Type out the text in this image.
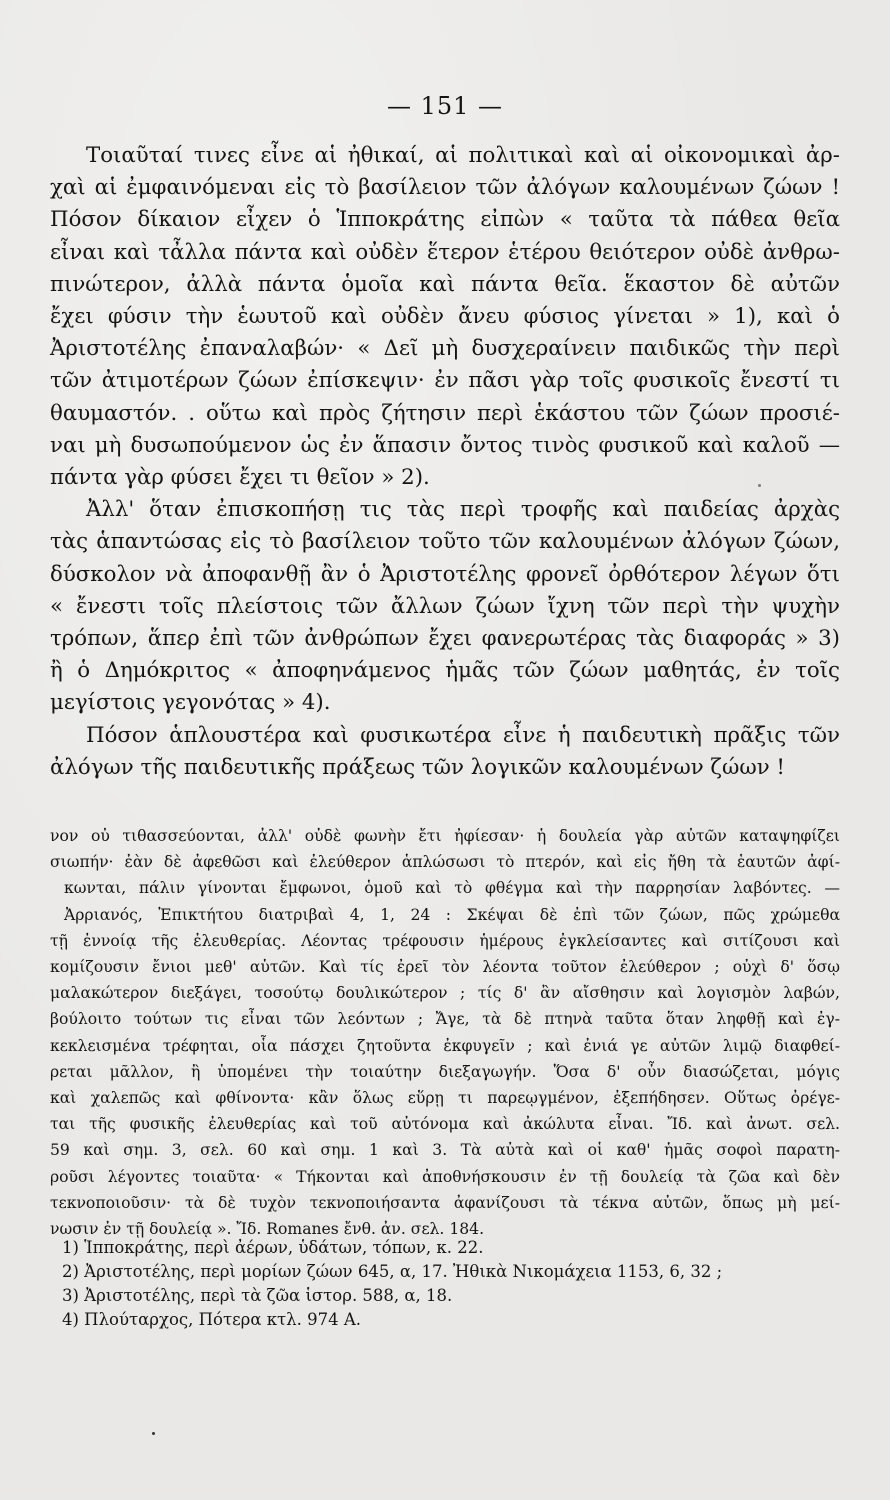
— 151 —
Τοιαῦταί τινες εἶνε αἱ ἠθικαί, αἱ πολιτικαὶ καὶ αἱ οἰκονομικαὶ ἀρ-
χαὶ αἱ ἐμφαινόμεναι εἰς τὸ βασίλειον τῶν ἀλόγων καλουμένων ζώων !
Πόσον δίκαιον εἶχεν ὁ Ἱπποκράτης εἰπὼν « ταῦτα τὰ πάθεα θεῖα
εἶναι καὶ τἆλλα πάντα καὶ οὐδὲν ἕτερον ἑτέρου θειότερον οὐδὲ ἀνθρω-
πινώτερον, ἀλλὰ πάντα ὁμοῖα καὶ πάντα θεῖα. ἕκαστον δὲ αὐτῶν
ἔχει φύσιν τὴν ἑωυτοῦ καὶ οὐδὲν ἄνευ φύσιος γίνεται » 1), καὶ ὁ
Ἀριστοτέλης ἐπαναλαβών· « Δεῖ μὴ δυσχεραίνειν παιδικῶς τὴν περὶ
τῶν ἀτιμοτέρων ζώων ἐπίσκεψιν· ἐν πᾶσι γὰρ τοῖς φυσικοῖς ἔνεστί τι
θαυμαστόν. . οὕτω καὶ πρὸς ζήτησιν περὶ ἑκάστου τῶν ζώων προσιέ-
ναι μὴ δυσωπούμενον ὡς ἐν ἅπασιν ὄντος τινὸς φυσικοῦ καὶ καλοῦ —
πάντα γὰρ φύσει ἔχει τι θεῖον » 2).
Ἀλλ' ὅταν ἐπισκοπήσῃ τις τὰς περὶ τροφῆς καὶ παιδείας ἀρχὰς
τὰς ἁπαντώσας εἰς τὸ βασίλειον τοῦτο τῶν καλουμένων ἀλόγων ζώων,
δύσκολον νὰ ἀποφανθῇ ἂν ὁ Ἀριστοτέλης φρονεῖ ὀρθότερον λέγων ὅτι
« ἔνεστι τοῖς πλείστοις τῶν ἄλλων ζώων ἴχνη τῶν περὶ τὴν ψυχὴν
τρόπων, ἅπερ ἐπὶ τῶν ἀνθρώπων ἔχει φανερωτέρας τὰς διαφοράς » 3)
ἢ ὁ Δημόκριτος « ἀποφηνάμενος ἡμᾶς τῶν ζώων μαθητάς, ἐν τοῖς
μεγίστοις γεγονότας » 4).
Πόσον ἁπλουστέρα καὶ φυσικωτέρα εἶνε ἡ παιδευτικὴ πρᾶξις τῶν
ἀλόγων τῆς παιδευτικῆς πράξεως τῶν λογικῶν καλουμένων ζώων !
νον οὐ τιθασσεύονται, ἀλλ' οὐδὲ φωνὴν ἔτι ἠφίεσαν· ἡ δουλεία γὰρ αὐτῶν καταψηφίζει
σιωπήν· ἐὰν δὲ ἀφεθῶσι καὶ ἐλεύθερον ἁπλώσωσι τὸ πτερόν, καὶ εἰς ἤθη τὰ ἑαυτῶν ἀφί-
κωνται, πάλιν γίνονται ἔμφωνοι, ὁμοῦ καὶ τὸ φθέγμα καὶ τὴν παρρησίαν λαβόντες. —
Ἀρριανός, Ἐπικτήτου διατριβαὶ 4, 1, 24 : Σκέψαι δὲ ἐπὶ τῶν ζώων, πῶς χρώμεθα
τῇ ἐννοίᾳ τῆς ἐλευθερίας. Λέοντας τρέφουσιν ἡμέρους ἐγκλείσαντες καὶ σιτίζουσι καὶ
κομίζουσιν ἔνιοι μεθ' αὑτῶν. Καὶ τίς ἐρεῖ τὸν λέοντα τοῦτον ἐλεύθερον ; οὐχὶ δ' ὅσῳ
μαλακώτερον διεξάγει, τοσούτῳ δουλικώτερον ; τίς δ' ἂν αἴσθησιν καὶ λογισμὸν λαβών,
βούλοιτο τούτων τις εἶναι τῶν λεόντων ; Ἄγε, τὰ δὲ πτηνὰ ταῦτα ὅταν ληφθῇ καὶ ἐγ-
κεκλεισμένα τρέφηται, οἷα πάσχει ζητοῦντα ἐκφυγεῖν ; καὶ ἐνιά γε αὐτῶν λιμῷ διαφθεί-
ρεται μᾶλλον, ἢ ὑπομένει τὴν τοιαύτην διεξαγωγήν. Ὅσα δ' οὖν διασώζεται, μόγις
καὶ χαλεπῶς καὶ φθίνοντα· κἂν ὅλως εὕρῃ τι παρεῳγμένον, ἐξεπήδησεν. Οὕτως ὀρέγε-
ται τῆς φυσικῆς ἐλευθερίας καὶ τοῦ αὐτόνομα καὶ ἀκώλυτα εἶναι. Ἴδ. καὶ ἀνωτ. σελ.
59 καὶ σημ. 3, σελ. 60 καὶ σημ. 1 καὶ 3. Τὰ αὐτὰ καὶ οἱ καθ' ἡμᾶς σοφοὶ παρατη-
ροῦσι λέγοντες τοιαῦτα· « Τήκονται καὶ ἀποθνήσκουσιν ἐν τῇ δουλείᾳ τὰ ζῶα καὶ δὲν
τεκνοποιοῦσιν· τὰ δὲ τυχὸν τεκνοποιήσαντα ἀφανίζουσι τὰ τέκνα αὐτῶν, ὅπως μὴ μεί-
νωσιν ἐν τῇ δουλείᾳ ». Ἴδ. Romanes ἔνθ. ἀν. σελ. 184.
1) Ἱπποκράτης, περὶ ἀέρων, ὑδάτων, τόπων, κ. 22.
2) Ἀριστοτέλης, περὶ μορίων ζώων 645, α, 17. Ἠθικὰ Νικομάχεια 1153, 6, 32 ;
3) Ἀριστοτέλης, περὶ τὰ ζῶα ἱστορ. 588, α, 18.
4) Πλούταρχος, Πότερα κτλ. 974 Α.
